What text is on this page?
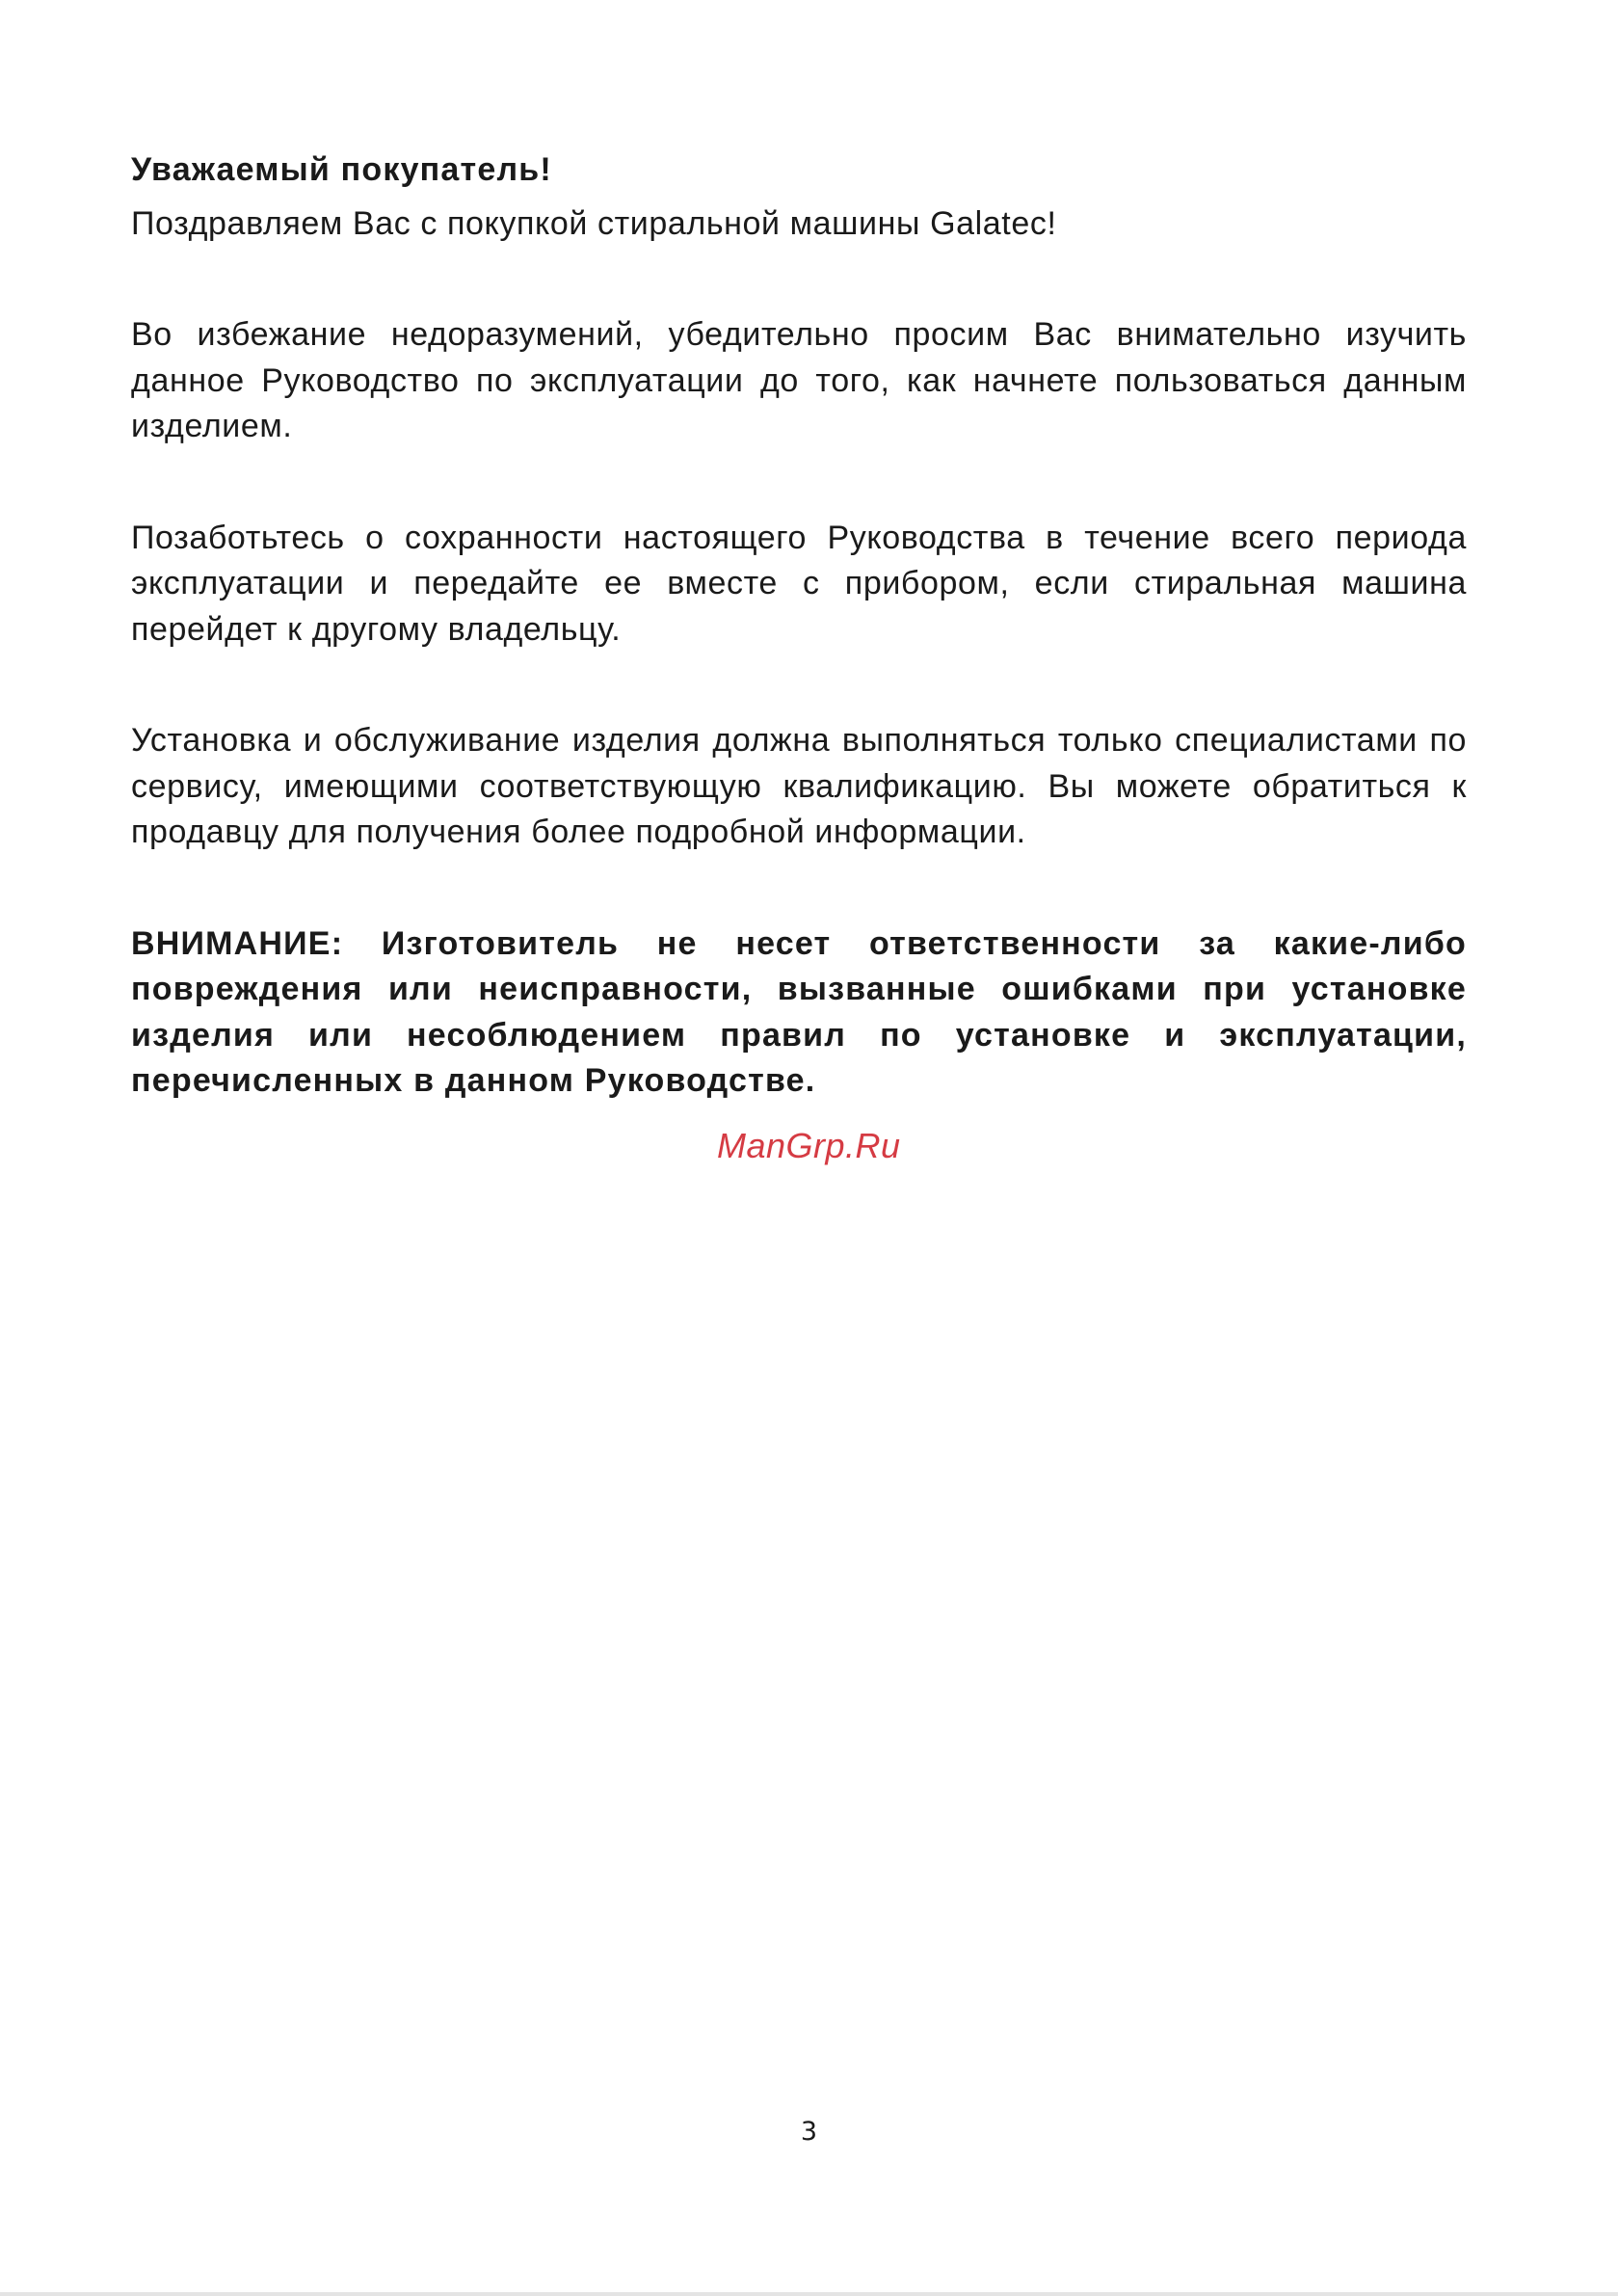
Уважаемый покупатель!

Поздравляем Вас с покупкой стиральной машины Galatec!

Во избежание недоразумений, убедительно просим Вас внимательно изучить данное Руководство по эксплуатации до того, как начнете пользоваться данным изделием.

Позаботьтесь о сохранности настоящего Руководства в течение всего периода эксплуатации и передайте ее вместе с прибором, если стиральная машина перейдет к другому владельцу.

Установка и обслуживание изделия должна выполняться только специалистами по сервису, имеющими соответствующую квалификацию. Вы можете обратиться к продавцу для получения более подробной информации.

ВНИМАНИЕ: Изготовитель не несет ответственности за какие-либо повреждения или неисправности, вызванные ошибками при установке изделия или несоблюдением правил по установке и эксплуатации, перечисленных в данном Руководстве.

ManGrp.Ru
3
